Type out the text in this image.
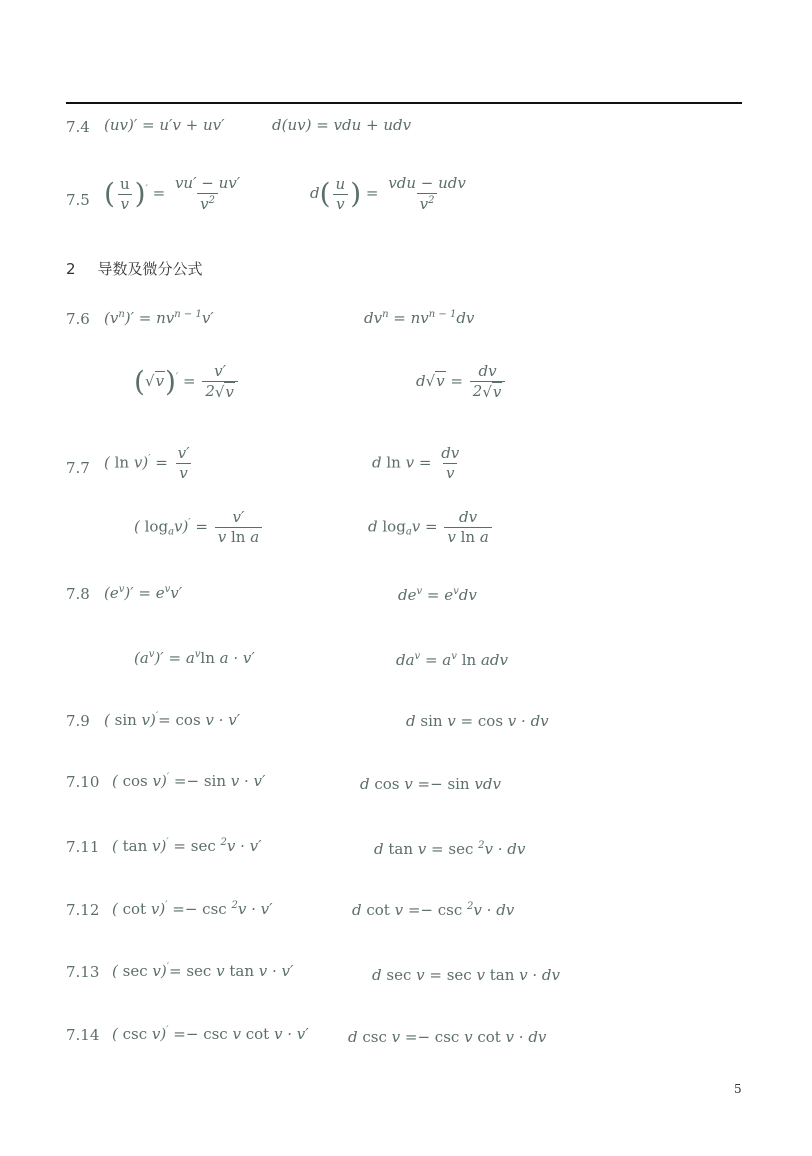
7.4 (uv)′ = u′v + uv′	d(uv) = vdu + udv
7.5 ( $\frac{u}{v} )' = \frac{vu' - uv'}{v^2}$	$d( \frac{u}{v}$ ) = $\frac{\text{vdu − udv}}{v^2}$
2 导数及微分公式
7.6 $(v^n)' = nv^{n - 1}v'$	$dv^n = nv^{n - 1}dv$
$(√v)' = \frac{v'}{2√v}$	$d√v = \frac{dv}{2√v}$
7.7 ( $\ln v)' = \frac{v'}{v}$	d $\ln v = \frac{dv}{v}$
( $\log_av)' = \frac{v'}{\text{v ln a}}$	d $\log_av = \frac{dv}{\text{v ln a}}$
7.8 $(e^v)' = e^vv'$	$de^v = e^vdv$
$(a^v)' = a^v\ln$ a · v′	$da^v = a^v$ ln adv
7.9 ( sin v)′= cos v · v′	d sin v = cos v · dv
7.10 ( cos v)′ =− sin v · v′	d cos v =− sin vdv
7.11 ( tan v)′ = sec $^2$v · v′	d tan v = sec $^2$v · dv
7.12 ( cot v)′ =− csc $^2$v · v′	d cot v =− csc $^2$v · dv
7.13 ( sec v)′= sec v tan v · v′	d sec v = sec v tan v · dv
7.14 ( csc v)′ =− csc v cot v · v′	d csc v =− csc v cot v · dv
5
